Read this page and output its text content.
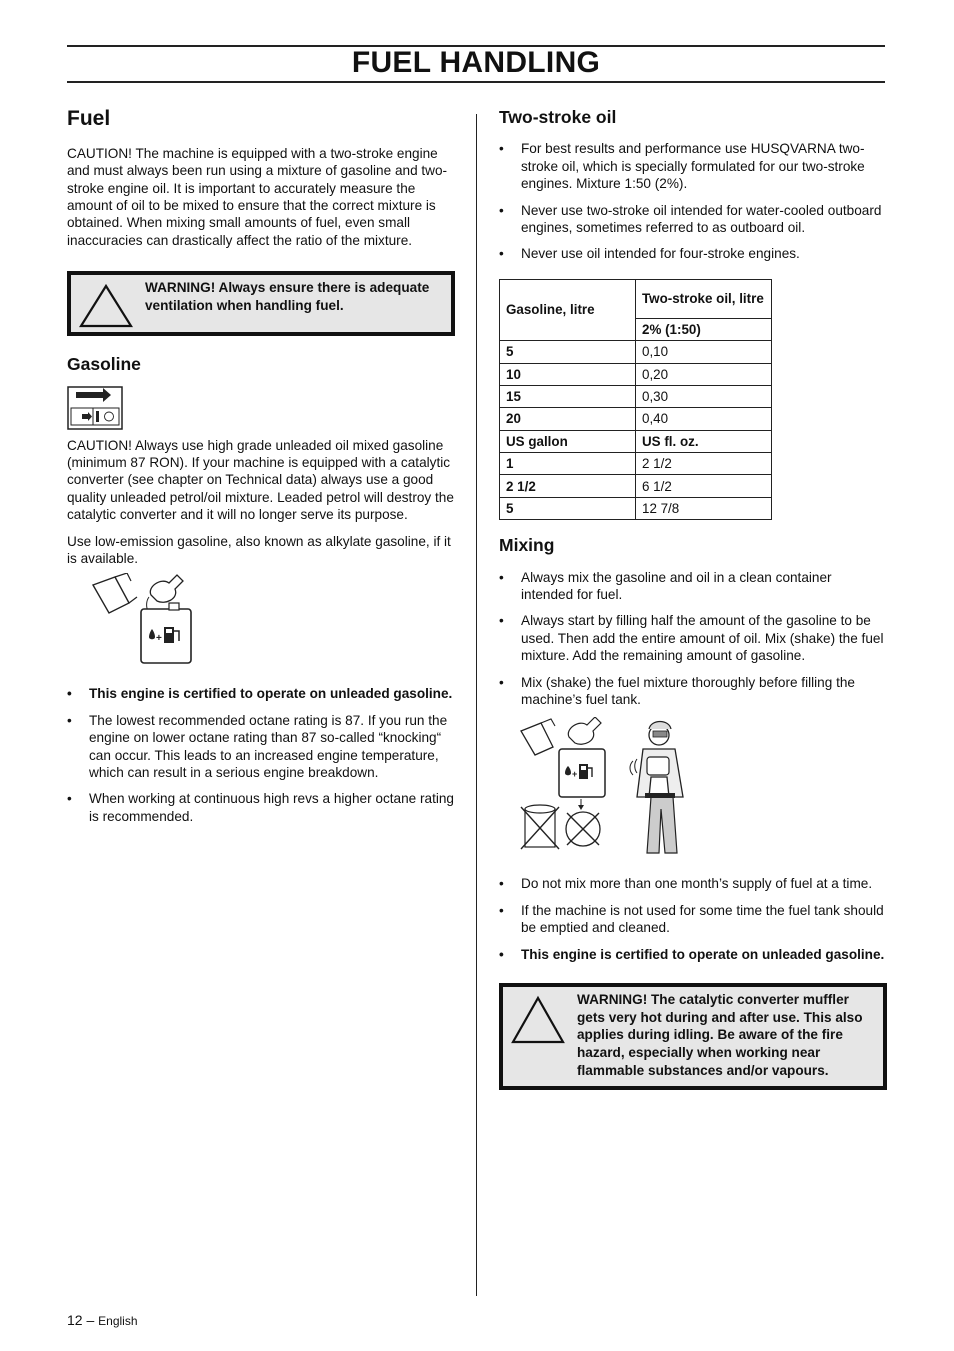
FUEL HANDLING
Fuel

CAUTION! The machine is equipped with a two-stroke engine and must always been run using a mixture of gasoline and two-stroke engine oil. It is important to accurately measure the amount of oil to be mixed to ensure that the correct mixture is obtained. When mixing small amounts of fuel, even small inaccuracies can drastically affect the ratio of the mixture.

WARNING! Always ensure there is adequate ventilation when handling fuel.
Gasoline

CAUTION! Always use high grade unleaded oil mixed gasoline (minimum 87 RON). If your machine is equipped with a catalytic converter (see chapter on Technical data) always use a good quality unleaded petrol/oil mixture. Leaded petrol will destroy the catalytic converter and it will no longer serve its purpose.

Use low-emission gasoline, also known as alkylate gasoline, if it is available.

+
• This engine is certified to operate on unleaded gasoline.
• The lowest recommended octane rating is 87. If you run the engine on lower octane rating than 87 so-called “knocking“ can occur. This leads to an increased engine temperature, which can result in a serious engine breakdown.
• When working at continuous high revs a higher octane rating is recommended.
Two-stroke oil
• For best results and performance use HUSQVARNA two-stroke oil, which is specially formulated for our two-stroke engines. Mixture 1:50 (2%).
• Never use two-stroke oil intended for water-cooled outboard engines, sometimes referred to as outboard oil.
• Never use oil intended for four-stroke engines.
Gasoline, litre	Two-stroke oil, litre
	2% (1:50)
5	0,10
10	0,20
15	0,30
20	0,40
US gallon	US fl. oz.
1	2 1/2
2 1/2	6 1/2
5	12 7/8
Mixing
• Always mix the gasoline and oil in a clean container intended for fuel.
• Always start by filling half the amount of the gasoline to be used. Then add the entire amount of oil. Mix (shake) the fuel mixture. Add the remaining amount of gasoline.
• Mix (shake) the fuel mixture thoroughly before filling the machine’s fuel tank.
+
• Do not mix more than one month’s supply of fuel at a time.
• If the machine is not used for some time the fuel tank should be emptied and cleaned.
• This engine is certified to operate on unleaded gasoline.
WARNING! The catalytic converter muffler gets very hot during and after use. This also applies during idling. Be aware of the fire hazard, especially when working near flammable substances and/or vapours.
12 – English
